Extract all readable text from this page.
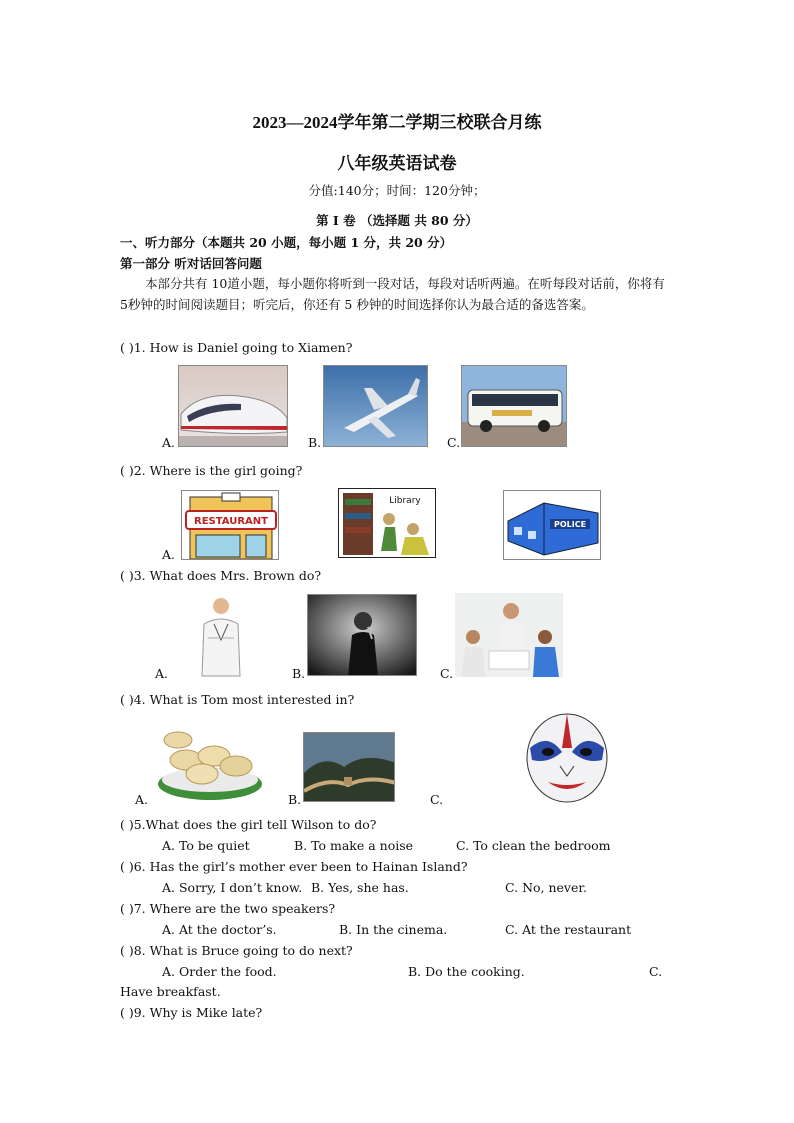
2023—2024学年第二学期三校联合月练
八年级英语试卷
分值:140分；时间：120分钟；
第 I 卷 （选择题 共 80 分）
一、听力部分（本题共 20 小题，每小题 1 分，共 20 分）
第一部分 听对话回答问题
本部分共有 10道小题，每小题你将听到一段对话，每段对话听两遍。在听每段对话前，你将有 5秒钟的时间阅读题目；听完后，你还有 5 秒钟的时间选择你认为最合适的备选答案。
( )1. How is Daniel going to Xiamen?
A.	B.	C.
( )2. Where is the girl going?
A.
RESTAURANT
Library
POLICE
( )3. What does Mrs. Brown do?
A.	B.	C.
( )4. What is Tom most interested in?
A.	B.	C.
( )5.What does the girl tell Wilson to do?
A. To be quiet	B. To make a noise	C. To clean the bedroom
( )6. Has the girl’s mother ever been to Hainan Island?
A. Sorry, I don’t know. B. Yes, she has.	C. No, never.
( )7. Where are the two speakers?
A. At the doctor’s.	B. In the cinema.	C. At the restaurant
( )8. What is Bruce going to do next?
A. Order the food.	B. Do the cooking.	C.
Have breakfast.
( )9. Why is Mike late?
